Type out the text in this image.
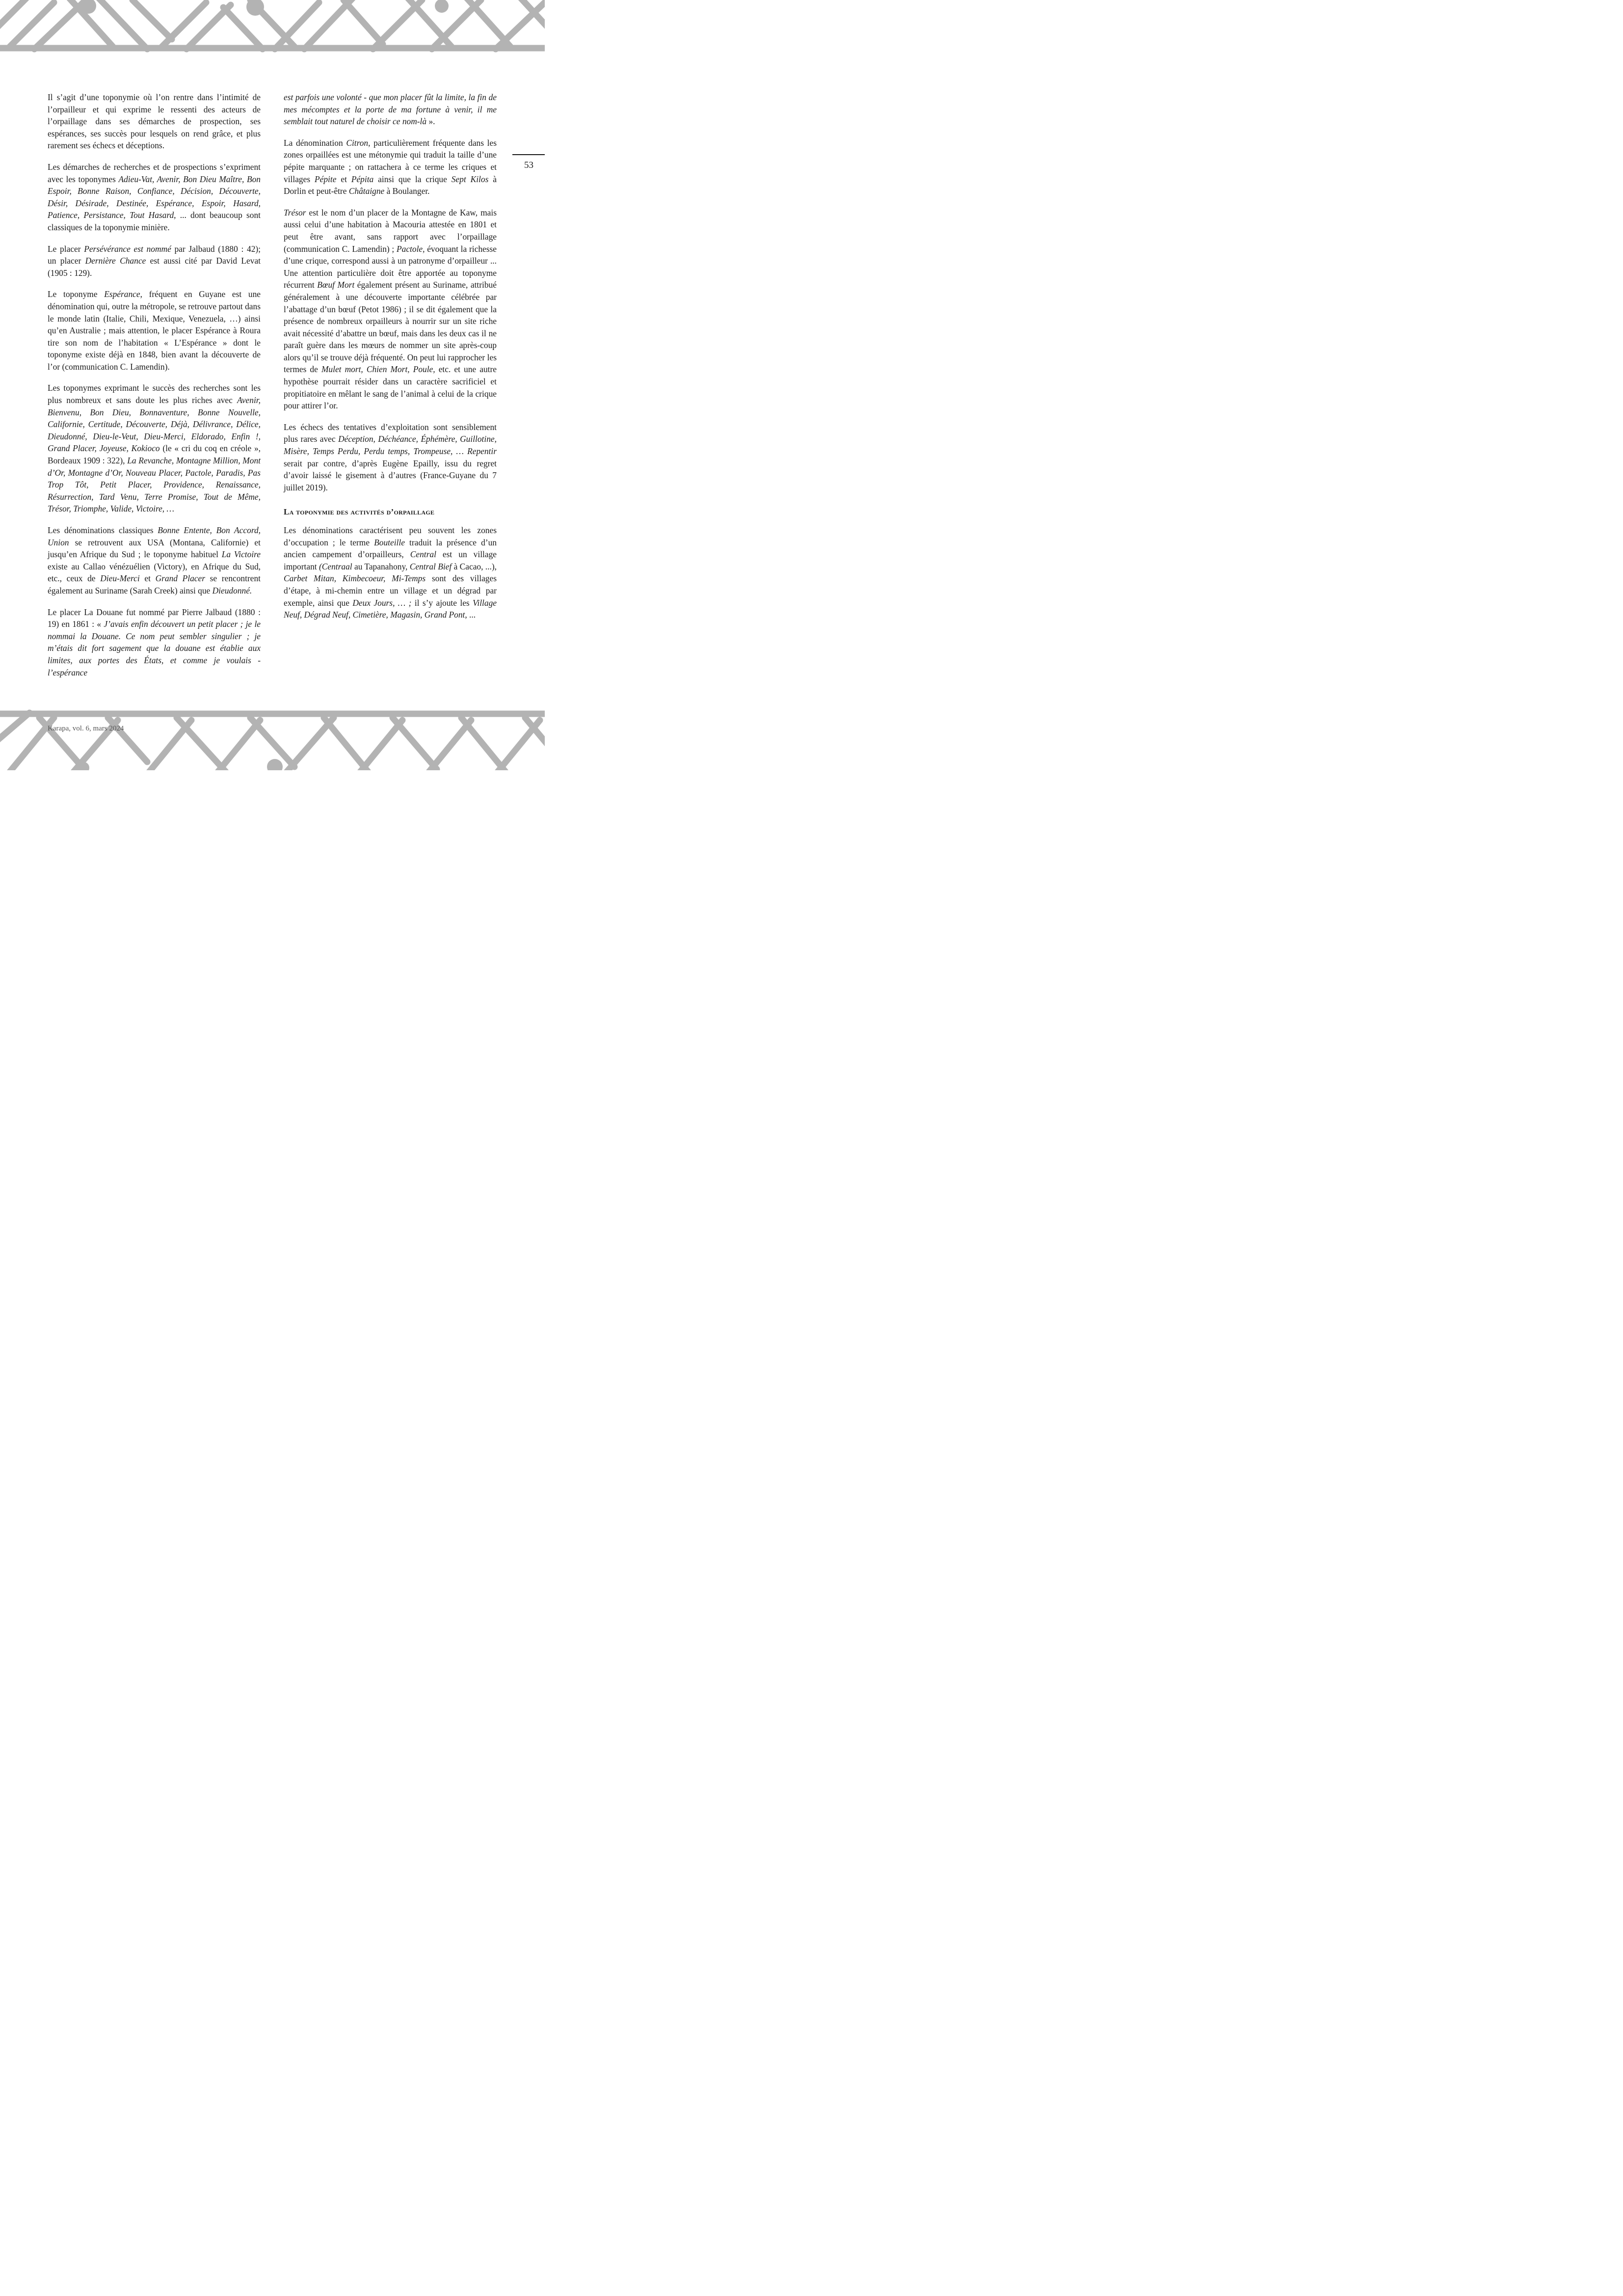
Il s’agit d’une toponymie où l’on rentre dans l’intimité de l’orpailleur et qui exprime le ressenti des acteurs de l’orpaillage dans ses démarches de prospection, ses espérances, ses succès pour lesquels on rend grâce, et plus rarement ses échecs et déceptions.

Les démarches de recherches et de prospections s’expriment avec les toponymes Adieu-Vat, Avenir, Bon Dieu Maître, Bon Espoir, Bonne Raison, Confiance, Décision, Découverte, Désir, Désirade, Destinée, Espérance, Espoir, Hasard, Patience, Persistance, Tout Hasard, ... dont beaucoup sont classiques de la toponymie minière.

Le placer Persévérance est nommé par Jalbaud (1880 : 42); un placer Dernière Chance est aussi cité par David Levat (1905 : 129).

Le toponyme Espérance, fréquent en Guyane est une dénomination qui, outre la métropole, se retrouve partout dans le monde latin (Italie, Chili, Mexique, Venezuela, …) ainsi qu’en Australie ; mais attention, le placer Espérance à Roura tire son nom de l’habitation « L’Espérance » dont le toponyme existe déjà en 1848, bien avant la découverte de l’or (communication C. Lamendin).

Les toponymes exprimant le succès des recherches sont les plus nombreux et sans doute les plus riches avec Avenir, Bienvenu, Bon Dieu, Bonnaventure, Bonne Nouvelle, Californie, Certitude, Découverte, Déjà, Délivrance, Délice, Dieudonné, Dieu-le-Veut, Dieu-Merci, Eldorado, Enfin !, Grand Placer, Joyeuse, Kokioco (le « cri du coq en créole », Bordeaux 1909 : 322), La Revanche, Montagne Million, Mont d’Or, Montagne d’Or, Nouveau Placer, Pactole, Paradis, Pas Trop Tôt, Petit Placer, Providence, Renaissance, Résurrection, Tard Venu, Terre Promise, Tout de Même, Trésor, Triomphe, Valide, Victoire, …

Les dénominations classiques Bonne Entente, Bon Accord, Union se retrouvent aux USA (Montana, Californie) et jusqu’en Afrique du Sud ; le toponyme habituel La Victoire existe au Callao vénézuélien (Victory), en Afrique du Sud, etc., ceux de Dieu-Merci et Grand Placer se rencontrent également au Suriname (Sarah Creek) ainsi que Dieudonné.

Le placer La Douane fut nommé par Pierre Jalbaud (1880 : 19) en 1861 : « J’avais enfin découvert un petit placer ; je le nommai la Douane. Ce nom peut sembler singulier ; je m’étais dit fort sagement que la douane est établie aux limites, aux portes des États, et comme je voulais - l’espérance

est parfois une volonté - que mon placer fût la limite, la fin de mes mécomptes et la porte de ma fortune à venir, il me semblait tout naturel de choisir ce nom-là ».

La dénomination Citron, particulièrement fréquente dans les zones orpaillées est une métonymie qui traduit la taille d’une pépite marquante ; on rattachera à ce terme les criques et villages Pépite et Pépita ainsi que la crique Sept Kilos à Dorlin et peut-être Châtaigne à Boulanger.

Trésor est le nom d’un placer de la Montagne de Kaw, mais aussi celui d’une habitation à Macouria attestée en 1801 et peut être avant, sans rapport avec l’orpaillage (communication C. Lamendin) ; Pactole, évoquant la richesse d’une crique, correspond aussi à un patronyme d’orpailleur ... Une attention particulière doit être apportée au toponyme récurrent Bœuf Mort également présent au Suriname, attribué généralement à une découverte importante célébrée par l’abattage d’un bœuf (Petot 1986) ; il se dit également que la présence de nombreux orpailleurs à nourrir sur un site riche avait nécessité d’abattre un bœuf, mais dans les deux cas il ne paraît guère dans les mœurs de nommer un site après-coup alors qu’il se trouve déjà fréquenté. On peut lui rapprocher les termes de Mulet mort, Chien Mort, Poule, etc. et une autre hypothèse pourrait résider dans un caractère sacrificiel et propitiatoire en mêlant le sang de l’animal à celui de la crique pour attirer l’or.

Les échecs des tentatives d’exploitation sont sensiblement plus rares avec Déception, Déchéance, Éphémère, Guillotine, Misère, Temps Perdu, Perdu temps, Trompeuse, … Repentir serait par contre, d’après Eugène Epailly, issu du regret d’avoir laissé le gisement à d’autres (France-Guyane du 7 juillet 2019).

La toponymie des activités d’orpaillage

Les dénominations caractérisent peu souvent les zones d’occupation ; le terme Bouteille traduit la présence d’un ancien campement d’orpailleurs, Central est un village important (Centraal au Tapanahony, Central Bief à Cacao, ...), Carbet Mitan, Kimbecoeur, Mi-Temps sont des villages d’étape, à mi-chemin entre un village et un dégrad par exemple, ainsi que Deux Jours, … ; il s’y ajoute les Village Neuf, Dégrad Neuf, Cimetière, Magasin, Grand Pont, ...

53
Karapa, vol. 6, mars 2024
